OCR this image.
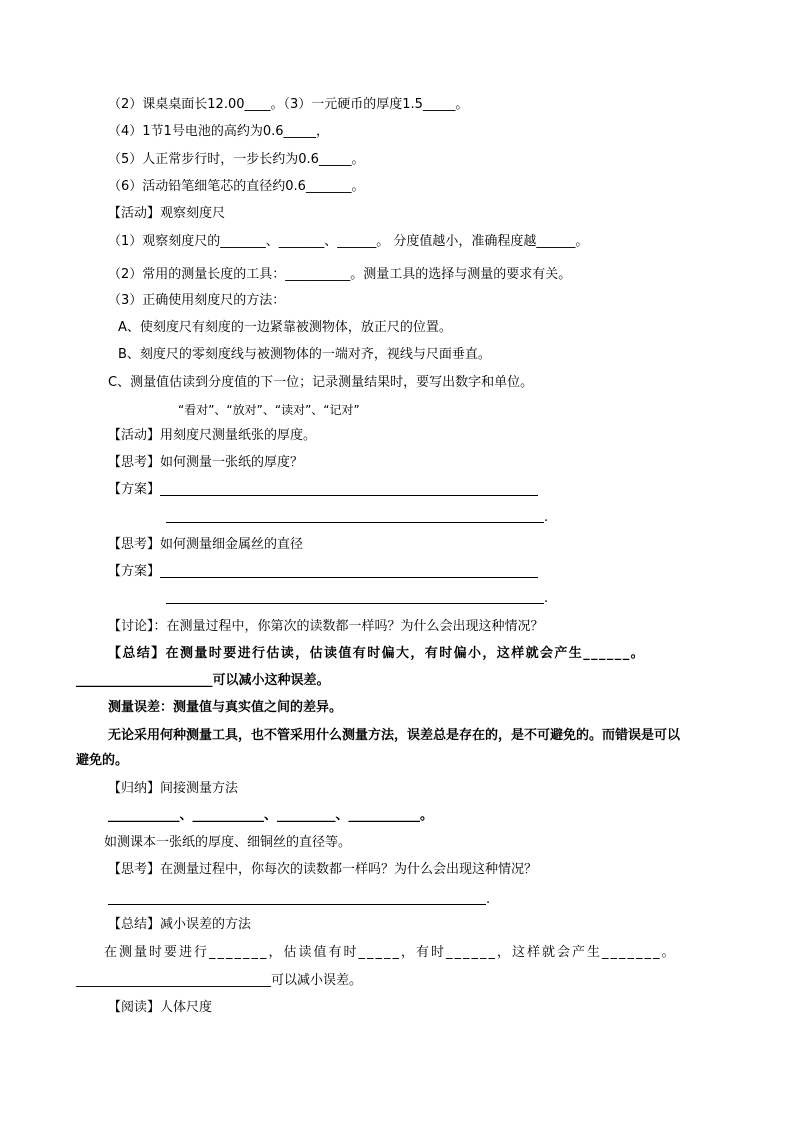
（2）课桌桌面长12.00____。（3）一元硬币的厚度1.5_____。
（4）1节1号电池的高约为0.6_____，
（5）人正常步行时，一步长约为0.6_____。
（6）活动铅笔细笔芯的直径约0.6_______。
【活动】观察刻度尺
（1）观察刻度尺的_______、_______、______。 分度值越小，准确程度越______。
（2）常用的测量长度的工具：__________。测量工具的选择与测量的要求有关。
（3）正确使用刻度尺的方法：
A、使刻度尺有刻度的一边紧靠被测物体，放正尺的位置。
B、刻度尺的零刻度线与被测物体的一端对齐，视线与尺面垂直。
C、测量值估读到分度值的下一位；记录测量结果时，要写出数字和单位。
“看对”、“放对”、“读对”、“记对”
【活动】用刻度尺测量纸张的厚度。
【思考】如何测量一张纸的厚度？
【方案】
.
【思考】如何测量细金属丝的直径
【方案】
.
【讨论】：在测量过程中，你第次的读数都一样吗？为什么会出现这种情况？
【总结】在测量时要进行估读，估读值有时偏大，有时偏小，这样就会产生______。
_____________________可以减小这种误差。
测量误差：测量值与真实值之间的差异。
无论采用何种测量工具，也不管采用什么测量方法，误差总是存在的，是不可避免的。而错误是可以
避免的。
【归纳】间接测量方法
___________、___________、_________、___________。
如测课本一张纸的厚度、细铜丝的直径等。
【思考】在测量过程中，你每次的读数都一样吗？为什么会出现这种情况？
.
【总结】减小误差的方法
在测量时要进行_______，估读值有时_____，有时______，这样就会产生_______。
______________________________可以减小误差。
【阅读】人体尺度
